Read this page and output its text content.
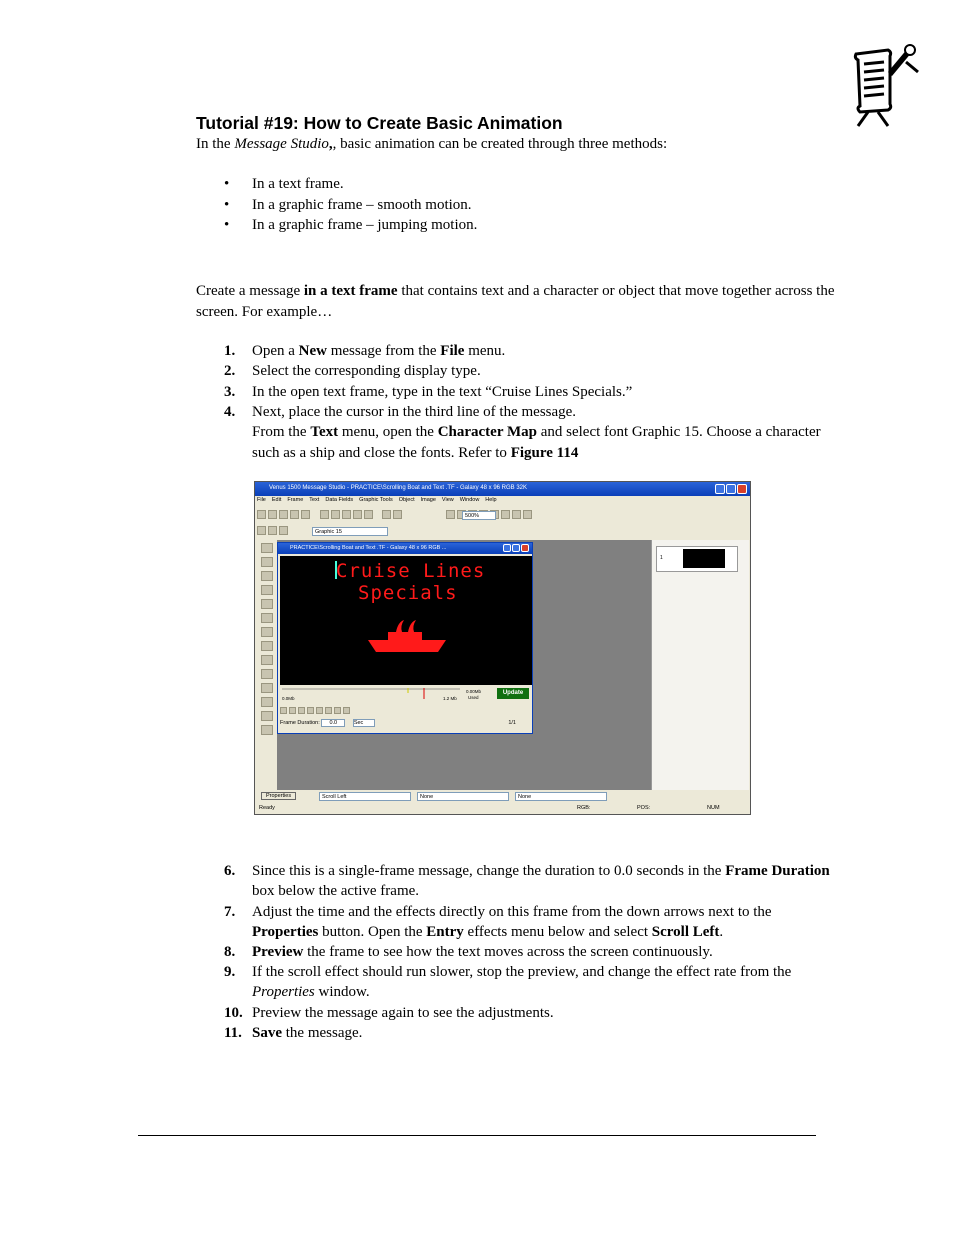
Tutorial #19: How to Create Basic Animation

In the Message Studio,, basic animation can be created through three methods:

• In a text frame.
• In a graphic frame – smooth motion.
• In a graphic frame – jumping motion.

Create a message in a text frame that contains text and a character or object that move together across the screen. For example…

1. Open a New message from the File menu.
2. Select the corresponding display type.
3. In the open text frame, type in the text “Cruise Lines Specials.”
4. Next, place the cursor in the third line of the message.
From the Text menu, open the Character Map and select font Graphic 15. Choose a character such as a ship and close the fonts. Refer to Figure 114
Venus 1500 Message Studio - PRACTICE\Scrolling Boat and Text .TF - Galaxy 48 x 96 RGB 32K
File Edit Frame Text Data Fields Graphic Tools Object Image View Window Help

500%
Graphic 15
1
PRACTICE\Scrolling Boat and Text .TF - Galaxy 48 x 96 RGB ...
Cruise Lines
Specials
0.0Mb	1.2 Mb
0.00Mb
Used
Update
Frame Duration: 0.0	Sec	1/1
Properties	Scroll Left	None	None
Ready	RGB:	POS:	NUM
6. Since this is a single-frame message, change the duration to 0.0 seconds in the Frame Duration box below the active frame.
7. Adjust the time and the effects directly on this frame from the down arrows next to the Properties button. Open the Entry effects menu below and select Scroll Left.
8. Preview the frame to see how the text moves across the screen continuously.
9. If the scroll effect should run slower, stop the preview, and change the effect rate from the Properties window.
10. Preview the message again to see the adjustments.
11. Save the message.
